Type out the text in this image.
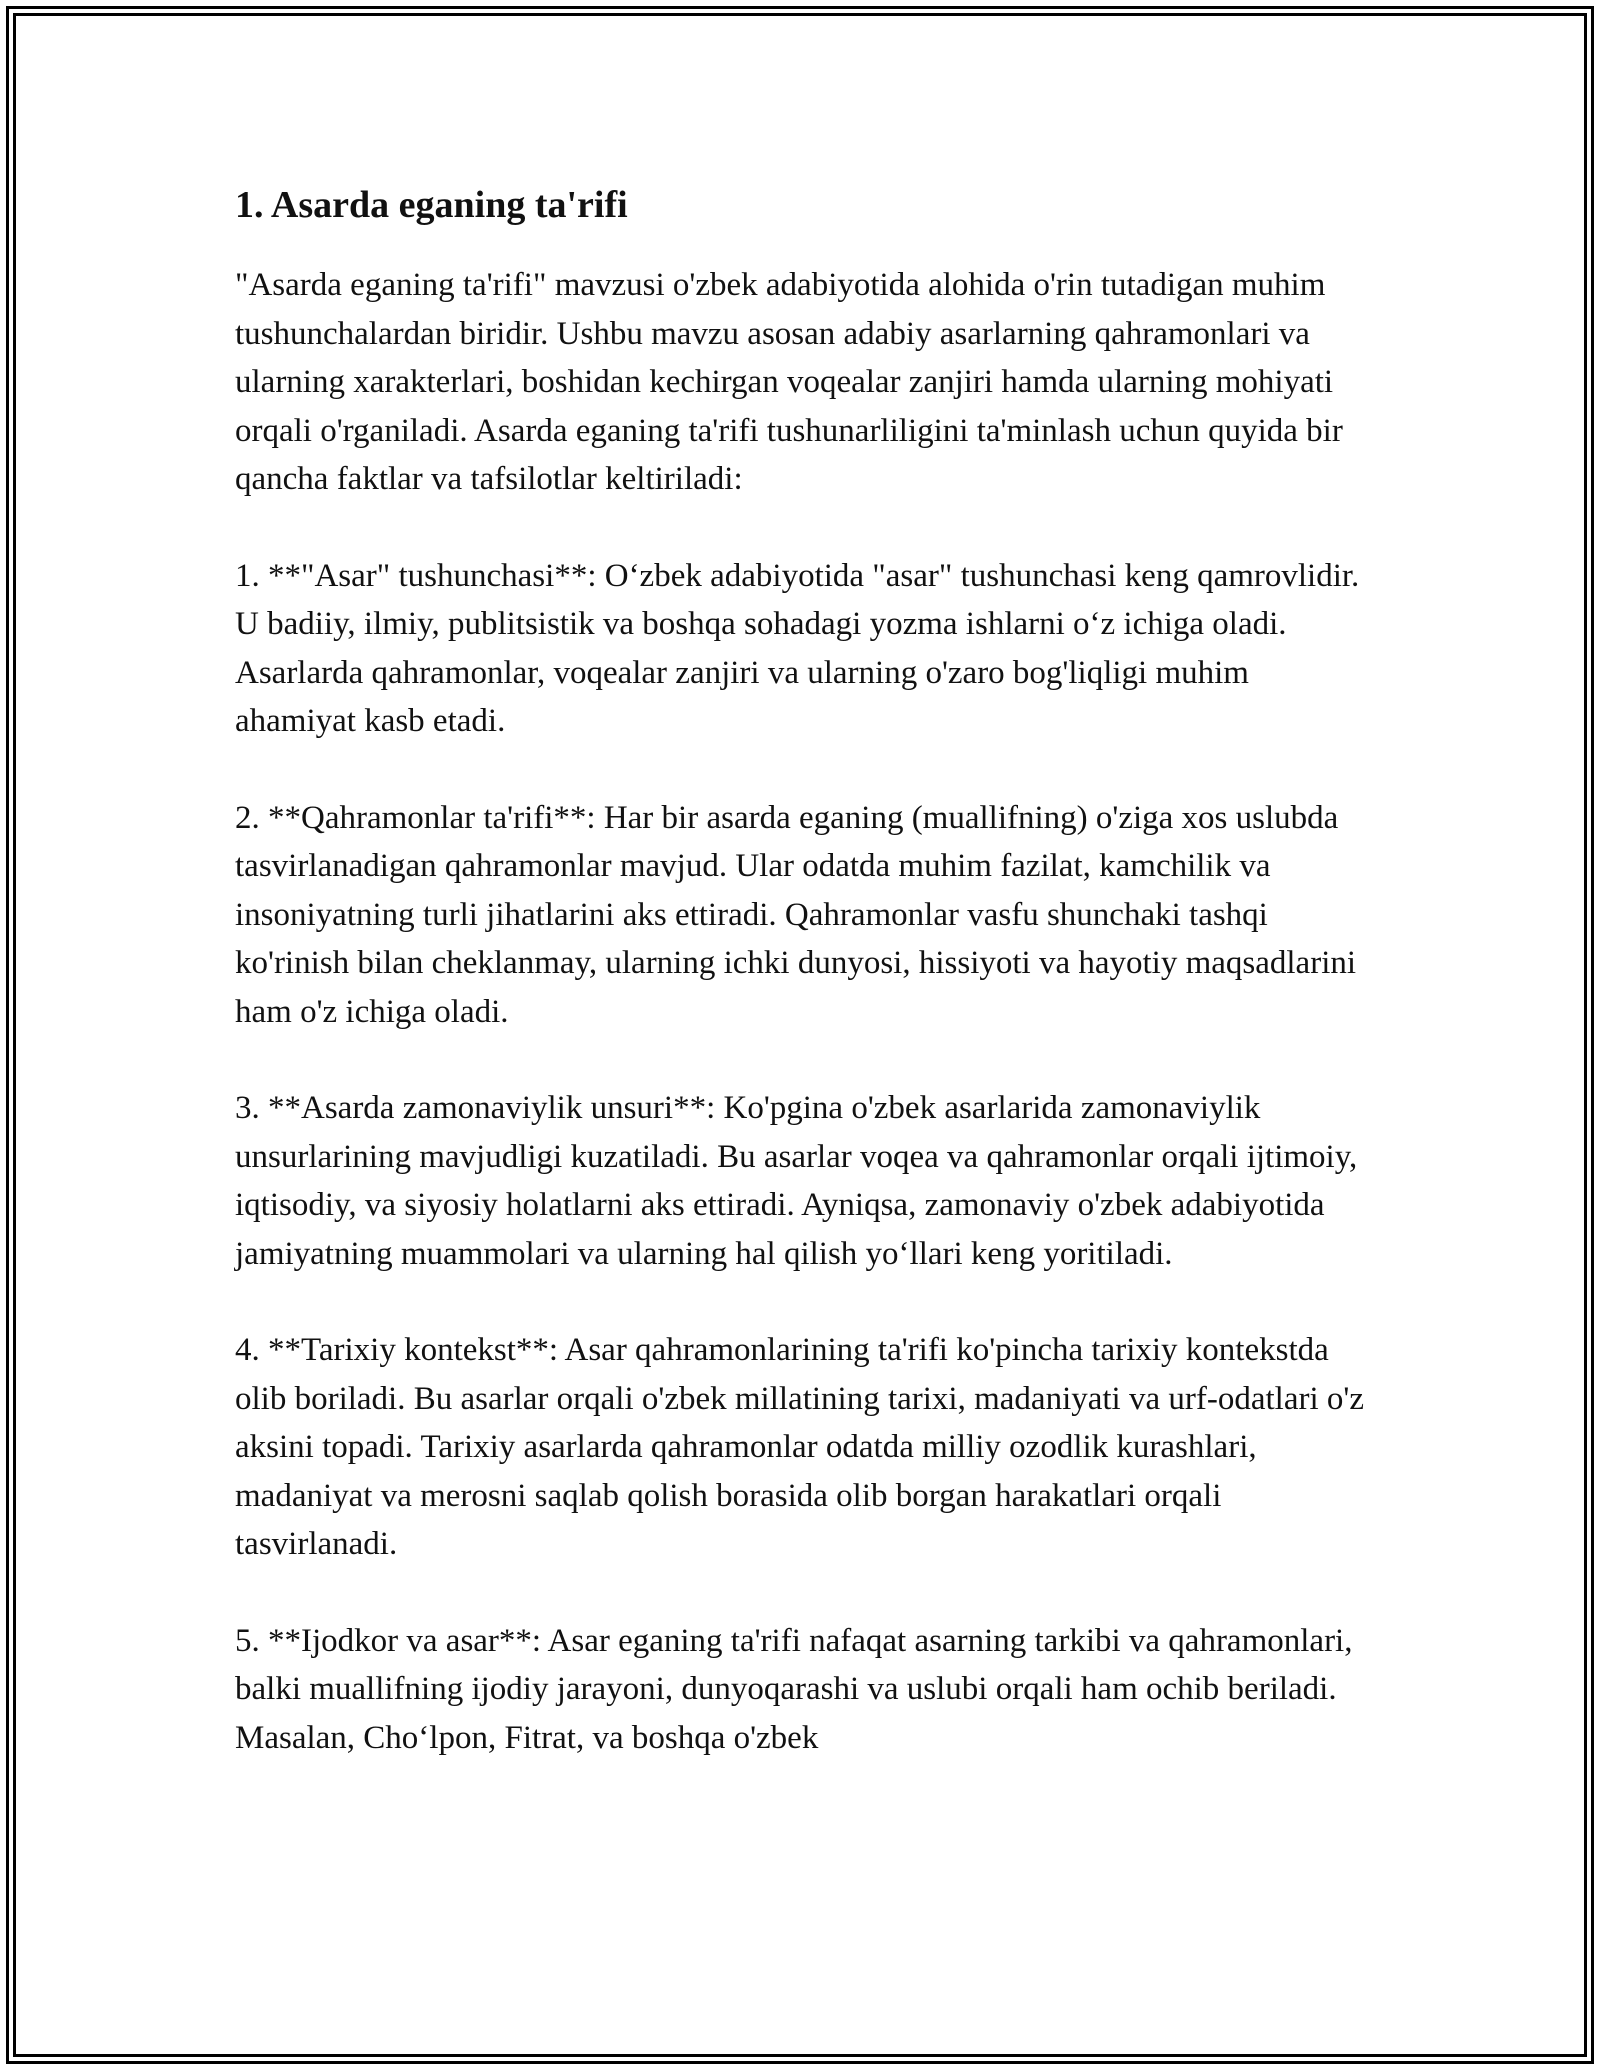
1. Asarda eganing ta'rifi

"Asarda eganing ta'rifi" mavzusi o'zbek adabiyotida alohida o'rin tutadigan muhim tushunchalardan biridir. Ushbu mavzu asosan adabiy asarlarning qahramonlari va ularning xarakterlari, boshidan kechirgan voqealar zanjiri hamda ularning mohiyati orqali o'rganiladi. Asarda eganing ta'rifi tushunarliligini ta'minlash uchun quyida bir qancha faktlar va tafsilotlar keltiriladi:

1. **"Asar" tushunchasi**: O‘zbek adabiyotida "asar" tushunchasi keng qamrovlidir. U badiiy, ilmiy, publitsistik va boshqa sohadagi yozma ishlarni o‘z ichiga oladi. Asarlarda qahramonlar, voqealar zanjiri va ularning o'zaro bog'liqligi muhim ahamiyat kasb etadi.

2. **Qahramonlar ta'rifi**: Har bir asarda eganing (muallifning) o'ziga xos uslubda tasvirlanadigan qahramonlar mavjud. Ular odatda muhim fazilat, kamchilik va insoniyatning turli jihatlarini aks ettiradi. Qahramonlar vasfu shunchaki tashqi ko'rinish bilan cheklanmay, ularning ichki dunyosi, hissiyoti va hayotiy maqsadlarini ham o'z ichiga oladi.

3. **Asarda zamonaviylik unsuri**: Ko'pgina o'zbek asarlarida zamonaviylik unsurlarining mavjudligi kuzatiladi. Bu asarlar voqea va qahramonlar orqali ijtimoiy, iqtisodiy, va siyosiy holatlarni aks ettiradi. Ayniqsa, zamonaviy o'zbek adabiyotida jamiyatning muammolari va ularning hal qilish yo‘llari keng yoritiladi.

4. **Tarixiy kontekst**: Asar qahramonlarining ta'rifi ko'pincha tarixiy kontekstda olib boriladi. Bu asarlar orqali o'zbek millatining tarixi, madaniyati va urf-odatlari o'z aksini topadi. Tarixiy asarlarda qahramonlar odatda milliy ozodlik kurashlari, madaniyat va merosni saqlab qolish borasida olib borgan harakatlari orqali tasvirlanadi.

5. **Ijodkor va asar**: Asar eganing ta'rifi nafaqat asarning tarkibi va qahramonlari, balki muallifning ijodiy jarayoni, dunyoqarashi va uslubi orqali ham ochib beriladi. Masalan, Cho‘lpon, Fitrat, va boshqa o'zbek
